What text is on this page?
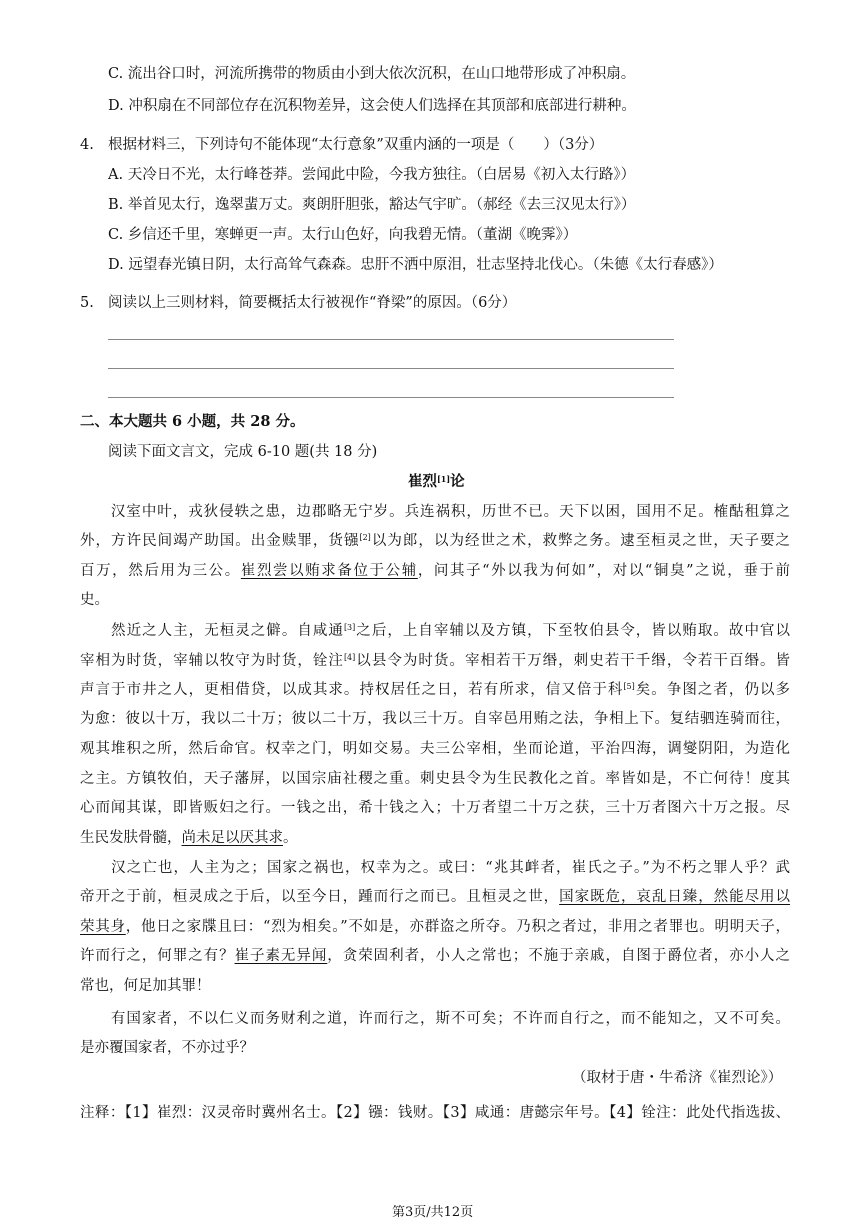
C. 流出谷口时，河流所携带的物质由小到大依次沉积，在山口地带形成了冲积扇。
D. 冲积扇在不同部位存在沉积物差异，这会使人们选择在其顶部和底部进行耕种。
4. 根据材料三，下列诗句不能体现“太行意象”双重内涵的一项是（　　）（3分）
A. 天冷日不光，太行峰苍莽。尝闻此中险，今我方独往。（白居易《初入太行路》）
B. 举首见太行，逸翠蜚万丈。爽朗肝胆张，豁达气宇旷。（郝经《去三汉见太行》）
C. 乡信还千里，寒蝉更一声。太行山色好，向我碧无情。（董湖《晚霁》）
D. 远望春光镇日阴，太行高耸气森森。忠肝不洒中原泪，壮志坚持北伐心。（朱德《太行春感》）
5. 阅读以上三则材料，简要概括太行被视作“脊梁”的原因。（6分）
二、本大题共 6 小题，共 28 分。
阅读下面文言文，完成 6-10 题(共 18 分)
崔烈[1]论
　　汉室中叶，戎狄侵轶之患，边郡略无宁岁。兵连祸积，历世不已。天下以困，国用不足。榷酤租算之
外，方许民间竭产助国。出金赎罪，货镪[2]以为郎，以为经世之术，救弊之务。逮至桓灵之世，天子要之
百万，然后用为三公。崔烈尝以贿求备位于公辅，问其子“外以我为何如”，对以“铜臭”之说，垂于前
史。
　　然近之人主，无桓灵之僻。自咸通[3]之后，上自宰辅以及方镇，下至牧伯县令，皆以贿取。故中官以
宰相为时货，宰辅以牧守为时货，铨注[4]以县令为时货。宰相若干万缗，刺史若干千缗，令若干百缗。皆
声言于市井之人，更相借贷，以成其求。持权居任之日，若有所求，信又倍于科[5]矣。争图之者，仍以多
为愈：彼以十万，我以二十万；彼以二十万，我以三十万。自宰邑用贿之法，争相上下。复结驷连骑而往，
观其堆积之所，然后命官。权幸之门，明如交易。夫三公宰相，坐而论道，平治四海，调燮阴阳，为造化
之主。方镇牧伯，天子藩屏，以国宗庙社稷之重。刺史县令为生民教化之首。率皆如是，不亡何待！度其
心而闻其谋，即皆贩妇之行。一钱之出，希十钱之入；十万者望二十万之获，三十万者图六十万之报。尽
生民发肤骨髓，尚未足以厌其求。
　　汉之亡也，人主为之；国家之祸也，权幸为之。或曰：“兆其衅者，崔氏之子。”为不朽之罪人乎？武
帝开之于前，桓灵成之于后，以至今日，踵而行之而已。且桓灵之世，国家既危，哀乱日臻，然能尽用以
荣其身，他日之家牒且曰：“烈为相矣。”不如是，亦群盗之所夺。乃积之者过，非用之者罪也。明明天子，
许而行之，何罪之有？崔子素无异闻，贪荣固利者，小人之常也；不施于亲戚，自图于爵位者，亦小人之
常也，何足加其罪！
　　有国家者，不以仁义而务财利之道，许而行之，斯不可矣；不许而自行之，而不能知之，又不可矣。
是亦覆国家者，不亦过乎？
（取材于唐・牛希济《崔烈论》）
注释：【1】崔烈：汉灵帝时冀州名士。【2】镪：钱财。【3】咸通：唐懿宗年号。【4】铨注：此处代指选拔、
第3页/共12页
